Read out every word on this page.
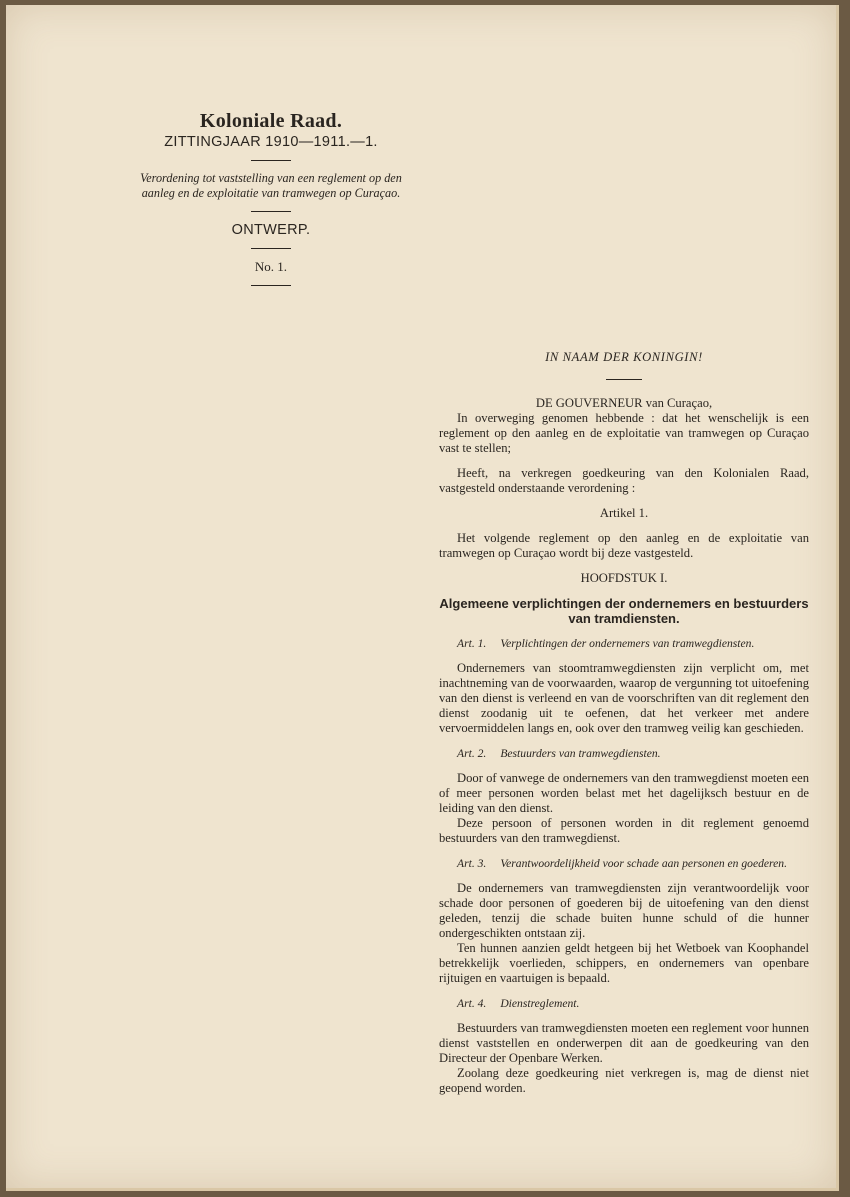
Koloniale Raad.
ZITTINGJAAR 1910—1911.—1.
Verordening tot vaststelling van een reglement op den aanleg en de exploitatie van tramwegen op Curaçao.
ONTWERP.
No. 1.
IN NAAM DER KONINGIN!
DE GOUVERNEUR van Curaçao,

In overweging genomen hebbende : dat het wenschelijk is een reglement op den aanleg en de exploitatie van tramwegen op Curaçao vast te stellen;

Heeft, na verkregen goedkeuring van den Kolonialen Raad, vastgesteld onderstaande verordening :

Artikel 1.

Het volgende reglement op den aanleg en de exploitatie van tramwegen op Curaçao wordt bij deze vastgesteld.

HOOFDSTUK I.
Algemeene verplichtingen der ondernemers en bestuurders van tramdiensten.
Art. 1. Verplichtingen der ondernemers van tramwegdiensten.

Ondernemers van stoomtramwegdiensten zijn verplicht om, met inachtneming van de voorwaarden, waarop de vergunning tot uitoefening van den dienst is verleend en van de voorschriften van dit reglement den dienst zoodanig uit te oefenen, dat het verkeer met andere vervoermiddelen langs en, ook over den tramweg veilig kan geschieden.

Art. 2. Bestuurders van tramwegdiensten.

Door of vanwege de ondernemers van den tramwegdienst moeten een of meer personen worden belast met het dagelijksch bestuur en de leiding van den dienst.

Deze persoon of personen worden in dit reglement genoemd bestuurders van den tramwegdienst.

Art. 3. Verantwoordelijkheid voor schade aan personen en goederen.

De ondernemers van tramwegdiensten zijn verantwoordelijk voor schade door personen of goederen bij de uitoefening van den dienst geleden, tenzij die schade buiten hunne schuld of die hunner ondergeschikten ontstaan zij.

Ten hunnen aanzien geldt hetgeen bij het Wetboek van Koophandel betrekkelijk voerlieden, schippers, en ondernemers van openbare rijtuigen en vaartuigen is bepaald.

Art. 4. Dienstreglement.

Bestuurders van tramwegdiensten moeten een reglement voor hunnen dienst vaststellen en onderwerpen dit aan de goedkeuring van den Directeur der Openbare Werken.

Zoolang deze goedkeuring niet verkregen is, mag de dienst niet geopend worden.
